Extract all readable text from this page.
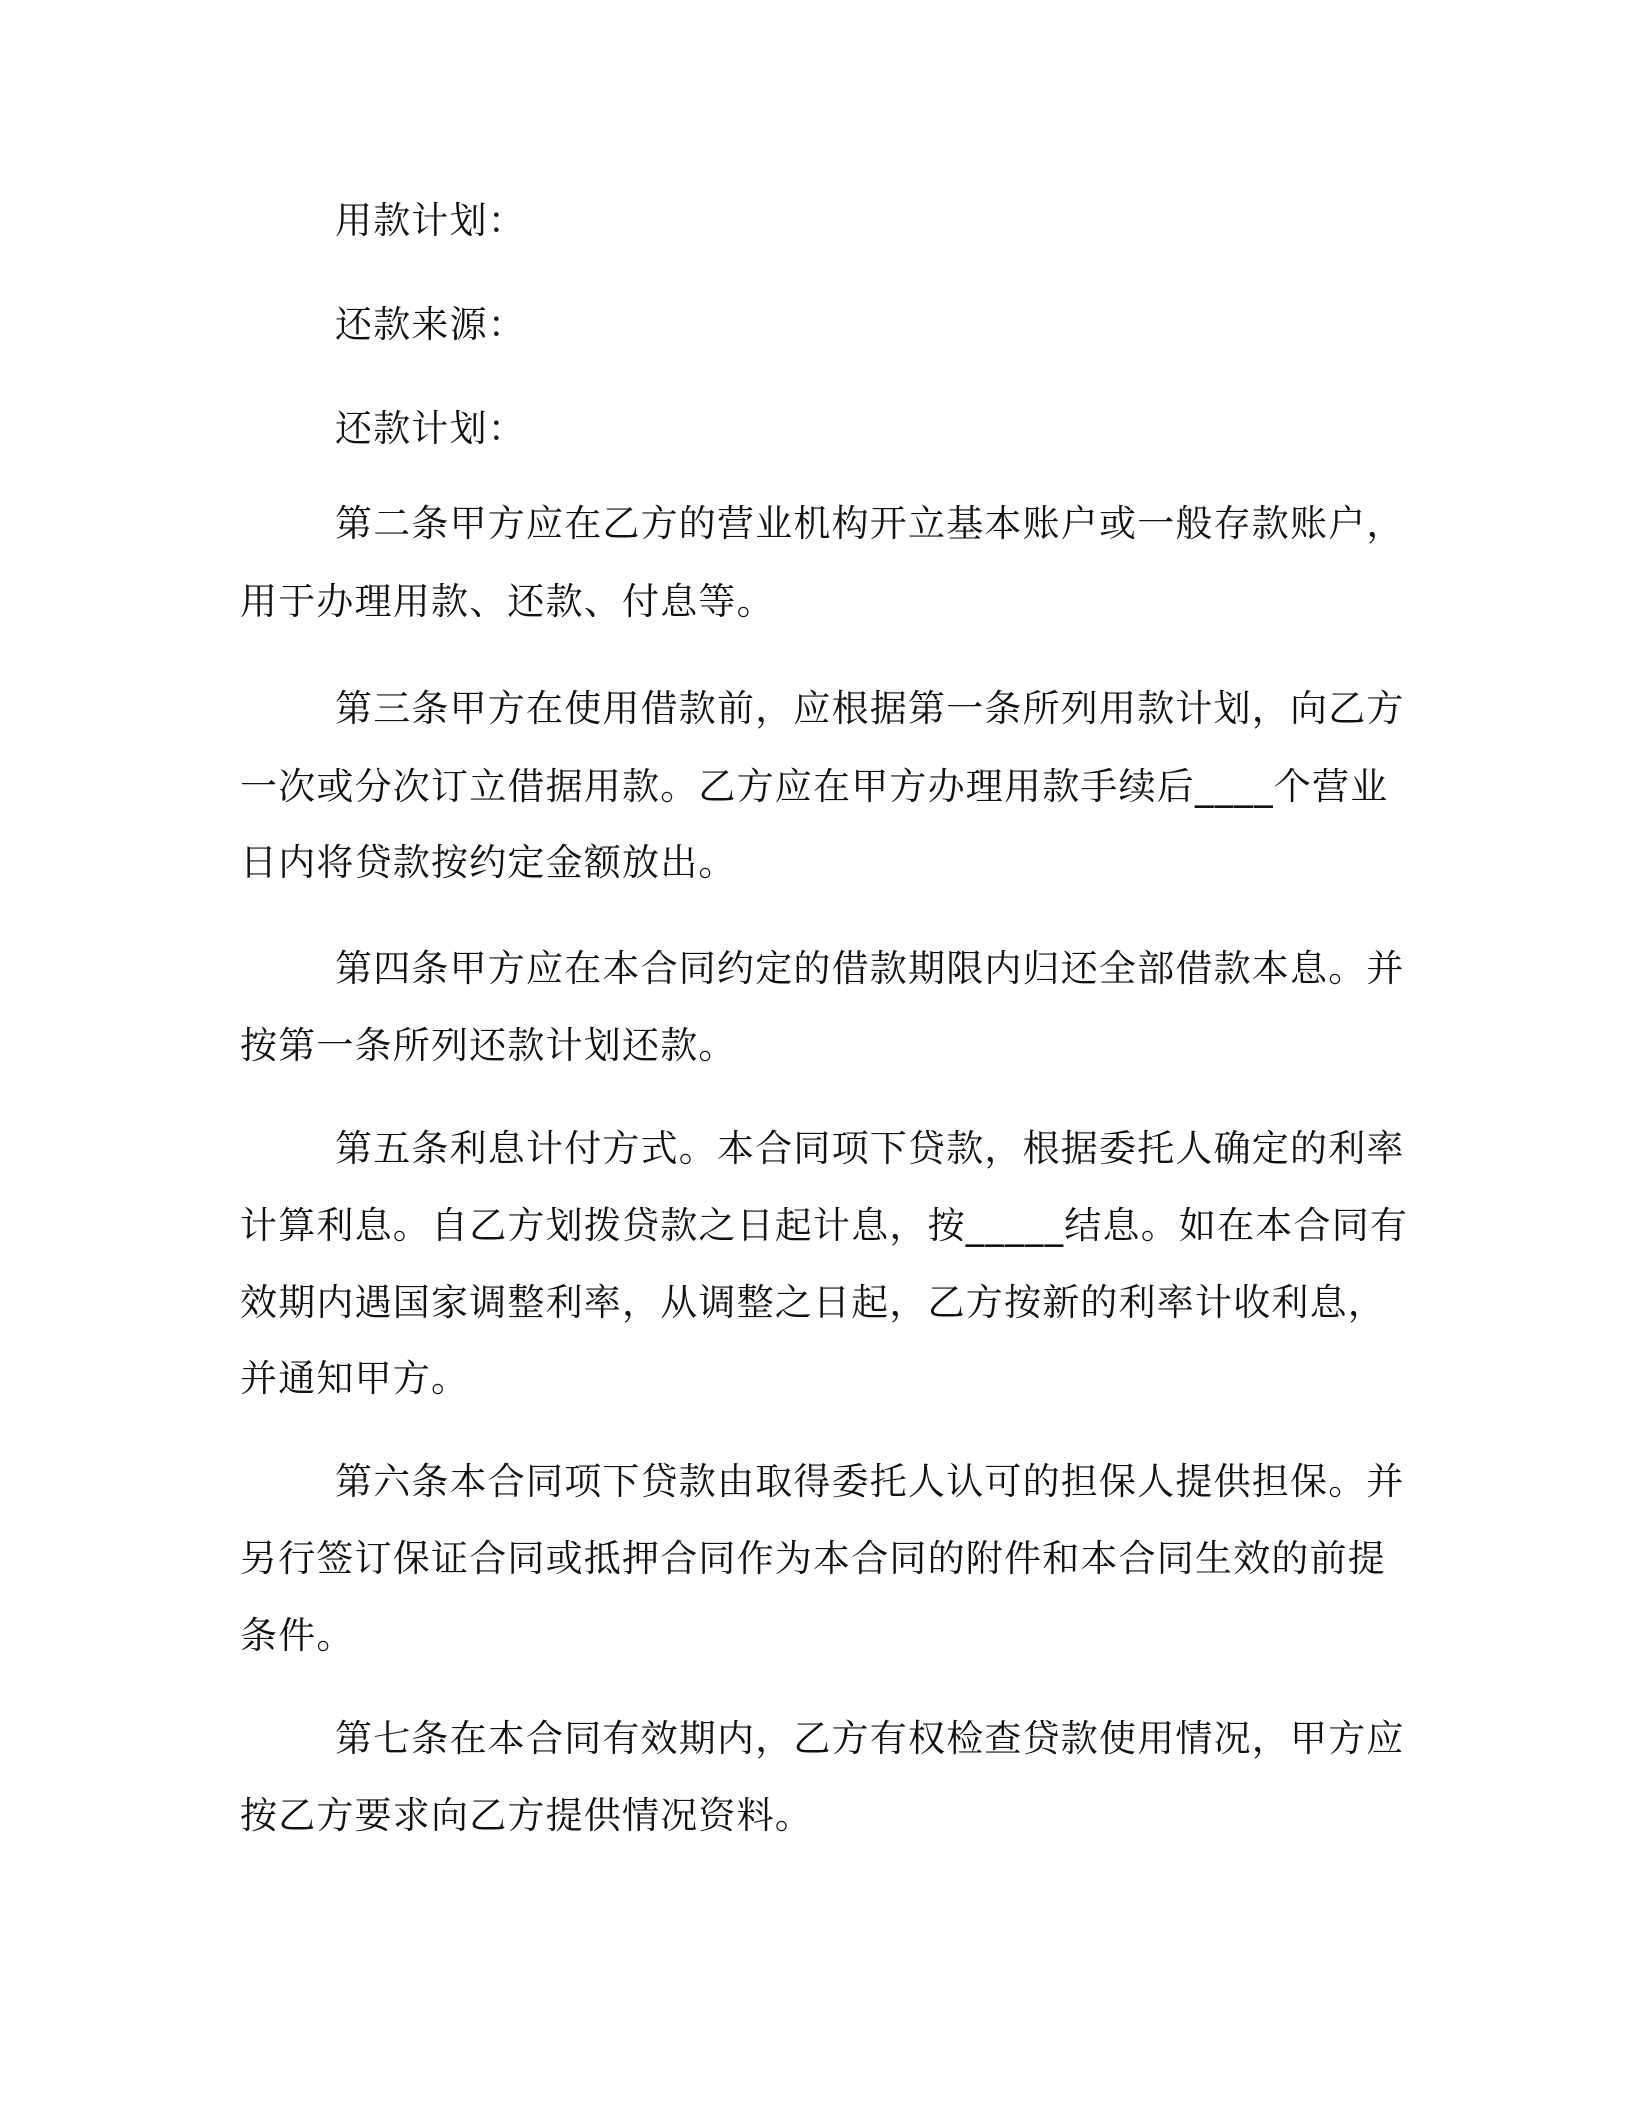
用款计划：
还款来源：
还款计划：
第二条甲方应在乙方的营业机构开立基本账户或一般存款账户，
用于办理用款、还款、付息等。
第三条甲方在使用借款前，应根据第一条所列用款计划，向乙方
一次或分次订立借据用款。乙方应在甲方办理用款手续后____个营业
日内将贷款按约定金额放出。
第四条甲方应在本合同约定的借款期限内归还全部借款本息。并
按第一条所列还款计划还款。
第五条利息计付方式。本合同项下贷款，根据委托人确定的利率
计算利息。自乙方划拨贷款之日起计息，按_____结息。如在本合同有
效期内遇国家调整利率，从调整之日起，乙方按新的利率计收利息，
并通知甲方。
第六条本合同项下贷款由取得委托人认可的担保人提供担保。并
另行签订保证合同或抵押合同作为本合同的附件和本合同生效的前提
条件。
第七条在本合同有效期内，乙方有权检查贷款使用情况，甲方应
按乙方要求向乙方提供情况资料。
